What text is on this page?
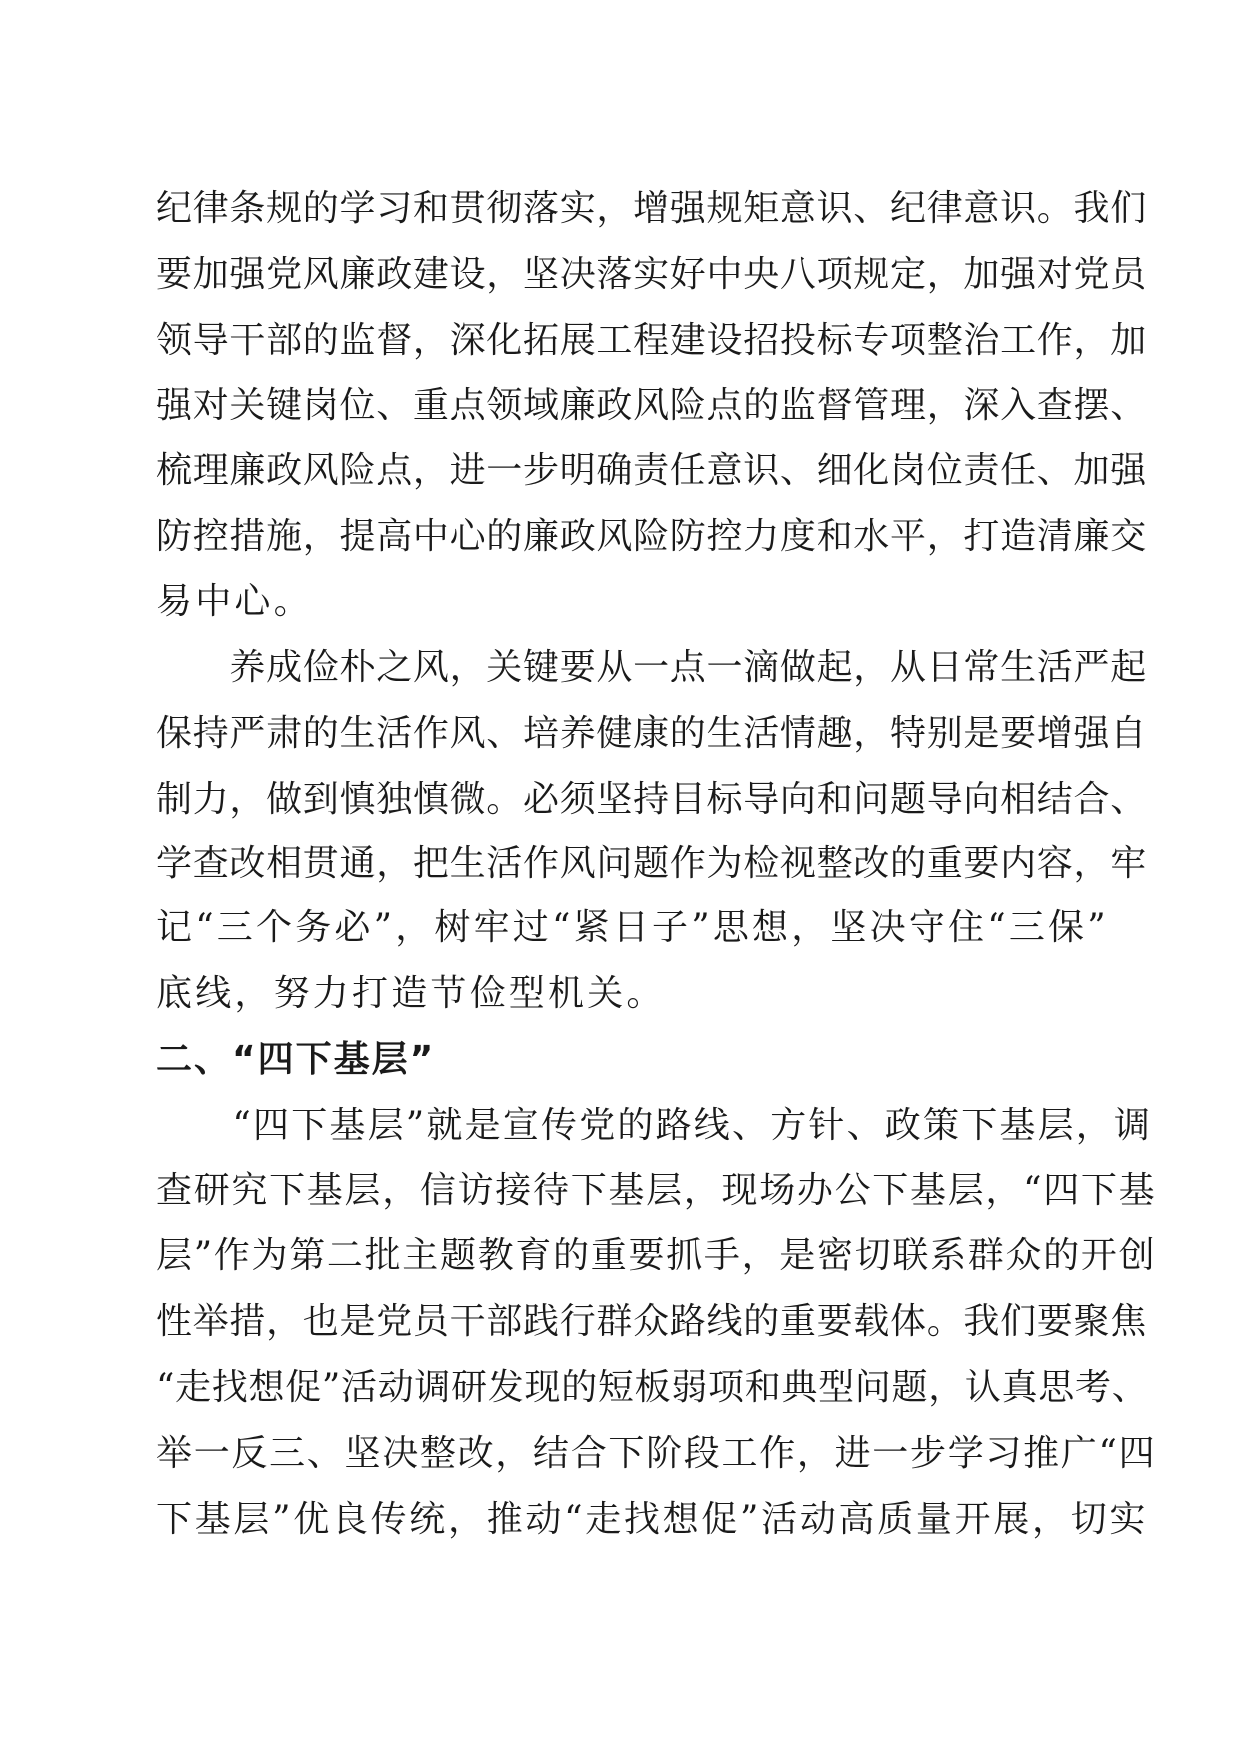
纪律条规的学习和贯彻落实，增强规矩意识、纪律意识。我们
要加强党风廉政建设，坚决落实好中央八项规定，加强对党员
领导干部的监督，深化拓展工程建设招投标专项整治工作，加
强对关键岗位、重点领域廉政风险点的监督管理，深入查摆、
梳理廉政风险点，进一步明确责任意识、细化岗位责任、加强
防控措施，提高中心的廉政风险防控力度和水平，打造清廉交
易中心。
　　养成俭朴之风，关键要从一点一滴做起，从日常生活严起
保持严肃的生活作风、培养健康的生活情趣，特别是要增强自
制力，做到慎独慎微。必须坚持目标导向和问题导向相结合、
学查改相贯通，把生活作风问题作为检视整改的重要内容，牢
记“三个务必”，树牢过“紧日子”思想，坚决守住“三保”
底线，努力打造节俭型机关。
二、“四下基层”
　　“四下基层”就是宣传党的路线、方针、政策下基层，调
查研究下基层，信访接待下基层，现场办公下基层，“四下基
层”作为第二批主题教育的重要抓手，是密切联系群众的开创
性举措，也是党员干部践行群众路线的重要载体。我们要聚焦
“走找想促”活动调研发现的短板弱项和典型问题，认真思考、
举一反三、坚决整改，结合下阶段工作，进一步学习推广“四
下基层”优良传统，推动“走找想促”活动高质量开展，切实
